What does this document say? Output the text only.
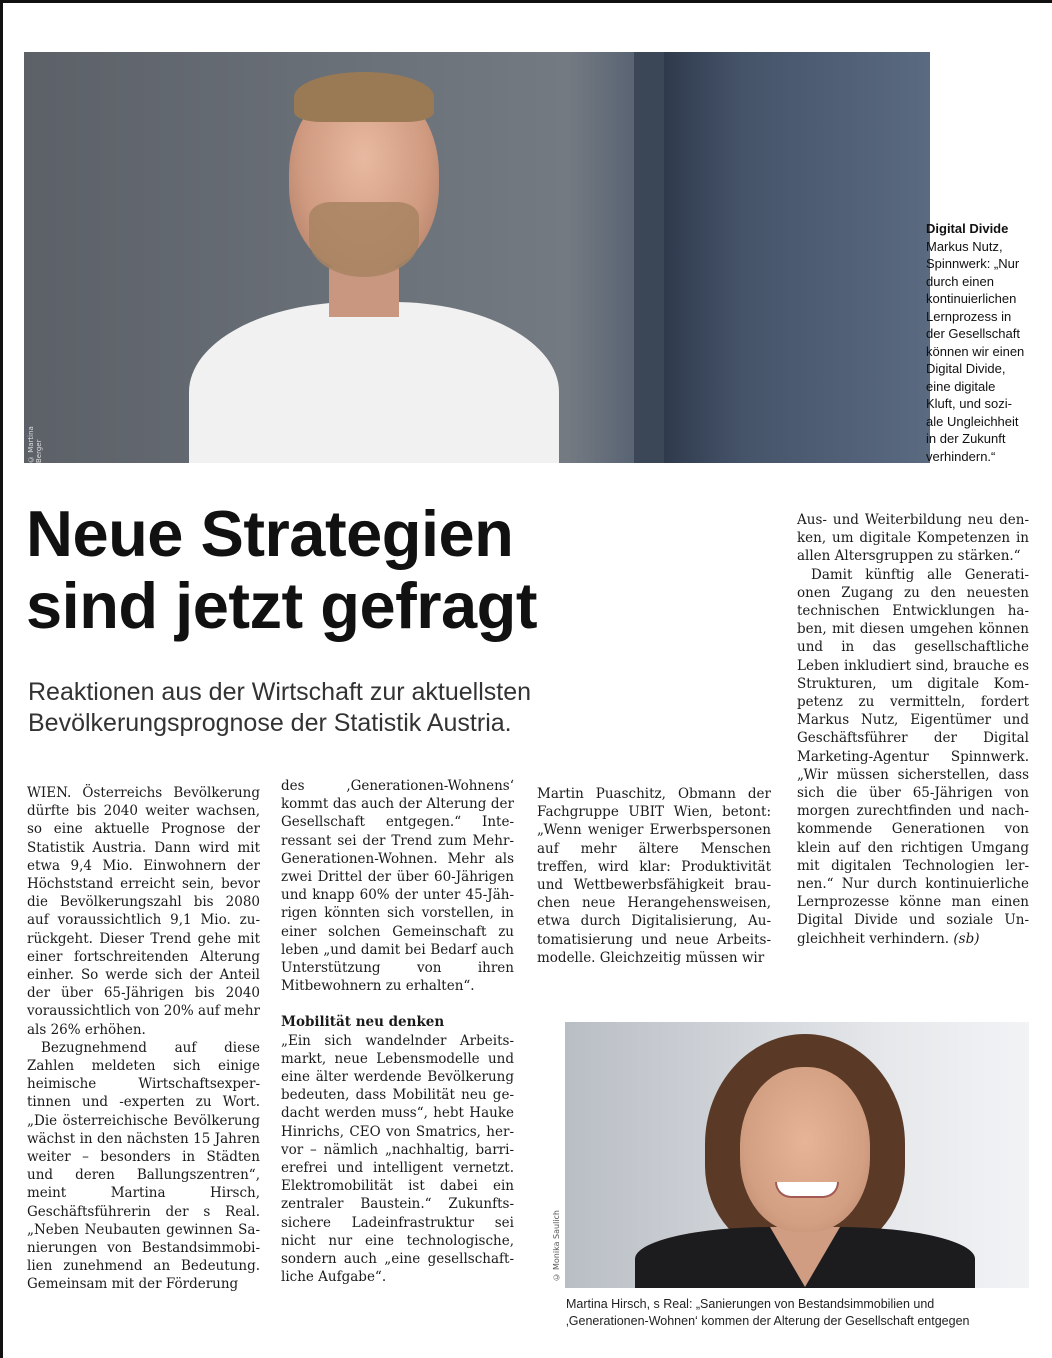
© Martina Berger
Digital Divide
Markus Nutz,
Spinnwerk: „Nur
durch einen
kontinuierlichen
Lernprozess in
der Gesellschaft
können wir einen
Digital Divide,
eine digitale
Kluft, und sozi-
ale Ungleichheit
in der Zukunft
verhindern.“
Neue Strategien
sind jetzt gefragt
Reaktionen aus der Wirtschaft zur aktuellsten
Bevölkerungsprognose der Statistik Austria.

WIEN. Österreichs Bevölkerung dürfte bis 2040 weiter wachsen, so eine aktuelle Prognose der Statistik Austria. Dann wird mit etwa 9,4 Mio. Einwohnern der Höchststand erreicht sein, bevor die Bevölkerungszahl bis 2080 auf voraussichtlich 9,1 Mio. zurückgeht. Dieser Trend gehe mit einer fortschreitenden Alterung einher. So werde sich der Anteil der über 65-Jährigen bis 2040 voraussichtlich von 20% auf mehr als 26% erhöhen.

Bezugnehmend auf diese Zahlen meldeten sich einige heimische Wirtschaftsexpertinnen und -experten zu Wort. „Die österreichische Bevölkerung wächst in den nächsten 15 Jahren weiter – besonders in Städten und deren Ballungszentren“, meint Martina Hirsch, Geschäftsführerin der s Real. „Neben Neubauten gewinnen Sanierungen von Bestandsimmobilien zunehmend an Bedeutung. Gemeinsam mit der Förderung

des ‚Generationen-Wohnens‘ kommt das auch der Alterung der Gesellschaft entgegen.“ Interessant sei der Trend zum Mehr-Generationen-Wohnen. Mehr als zwei Drittel der über 60-Jährigen und knapp 60% der unter 45-Jährigen könnten sich vorstellen, in einer solchen Gemeinschaft zu leben „und damit bei Bedarf auch Unterstützung von ihren Mitbewohnern zu erhalten“.

Mobilität neu denken

„Ein sich wandelnder Arbeitsmarkt, neue Lebensmodelle und eine älter werdende Bevölkerung bedeuten, dass Mobilität neu gedacht werden muss“, hebt Hauke Hinrichs, CEO von Smatrics, hervor – nämlich „nachhaltig, barrierefrei und intelligent vernetzt. Elektromobilität ist dabei ein zentraler Baustein.“ Zukunftssichere Ladeinfrastruktur sei nicht nur eine technologische, sondern auch „eine gesellschaftliche Aufgabe“.

Martin Puaschitz, Obmann der Fachgruppe UBIT Wien, betont: „Wenn weniger Erwerbspersonen auf mehr ältere Menschen treffen, wird klar: Produktivität und Wettbewerbsfähigkeit brauchen neue Herangehensweisen, etwa durch Digitalisierung, Automatisierung und neue Arbeitsmodelle. Gleichzeitig müssen wir

Aus- und Weiterbildung neu denken, um digitale Kompetenzen in allen Altersgruppen zu stärken.“

Damit künftig alle Generationen Zugang zu den neuesten technischen Entwicklungen haben, mit diesen umgehen können und in das gesellschaftliche Leben inkludiert sind, brauche es Strukturen, um digitale Kompetenz zu vermitteln, fordert Markus Nutz, Eigentümer und Geschäftsführer der Digital Marketing-Agentur Spinnwerk. „Wir müssen sicherstellen, dass sich die über 65-Jährigen von morgen zurechtfinden und nachkommende Generationen von klein auf den richtigen Umgang mit digitalen Technologien lernen.“ Nur durch kontinuierliche Lernprozesse könne man einen Digital Divide und soziale Ungleichheit verhindern. (sb)

© Monika Saulich
Martina Hirsch, s Real: „Sanierungen von Bestandsimmobilien und
‚Generationen-Wohnen‘ kommen der Alterung der Gesellschaft entgegen
